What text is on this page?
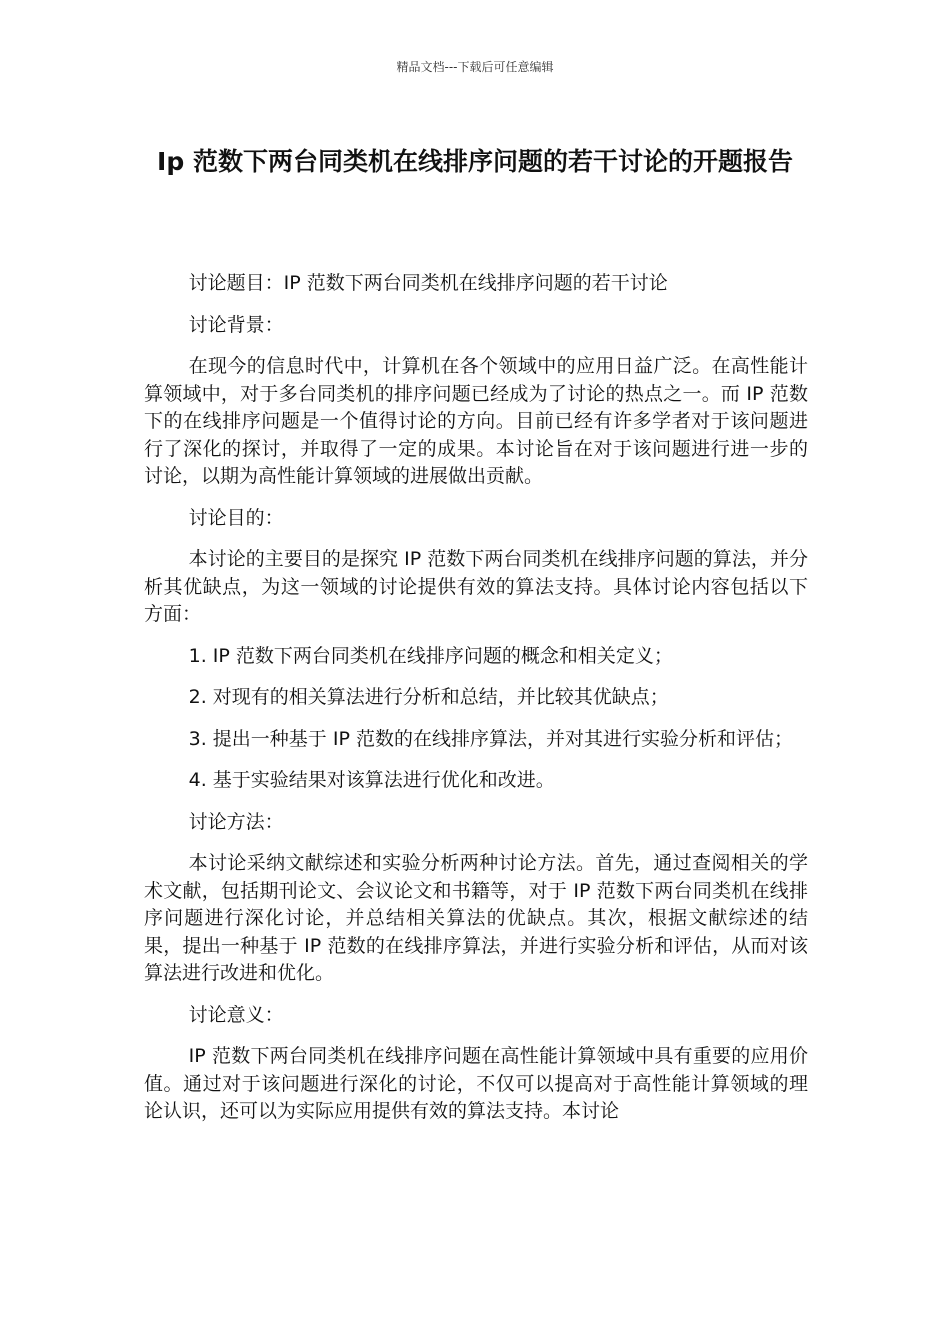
精品文档---下载后可任意编辑
Ip 范数下两台同类机在线排序问题的若干讨论的开题报告

讨论题目：IP 范数下两台同类机在线排序问题的若干讨论

讨论背景：

在现今的信息时代中，计算机在各个领域中的应用日益广泛。在高性能计算领域中，对于多台同类机的排序问题已经成为了讨论的热点之一。而 IP 范数下的在线排序问题是一个值得讨论的方向。目前已经有许多学者对于该问题进行了深化的探讨，并取得了一定的成果。本讨论旨在对于该问题进行进一步的讨论，以期为高性能计算领域的进展做出贡献。

讨论目的：

本讨论的主要目的是探究 IP 范数下两台同类机在线排序问题的算法，并分析其优缺点，为这一领域的讨论提供有效的算法支持。具体讨论内容包括以下方面：

1. IP 范数下两台同类机在线排序问题的概念和相关定义；

2. 对现有的相关算法进行分析和总结，并比较其优缺点；

3. 提出一种基于 IP 范数的在线排序算法，并对其进行实验分析和评估；

4. 基于实验结果对该算法进行优化和改进。

讨论方法：

本讨论采纳文献综述和实验分析两种讨论方法。首先，通过查阅相关的学术文献，包括期刊论文、会议论文和书籍等，对于 IP 范数下两台同类机在线排序问题进行深化讨论，并总结相关算法的优缺点。其次，根据文献综述的结果，提出一种基于 IP 范数的在线排序算法，并进行实验分析和评估，从而对该算法进行改进和优化。

讨论意义：

IP 范数下两台同类机在线排序问题在高性能计算领域中具有重要的应用价值。通过对于该问题进行深化的讨论，不仅可以提高对于高性能计算领域的理论认识，还可以为实际应用提供有效的算法支持。本讨论
